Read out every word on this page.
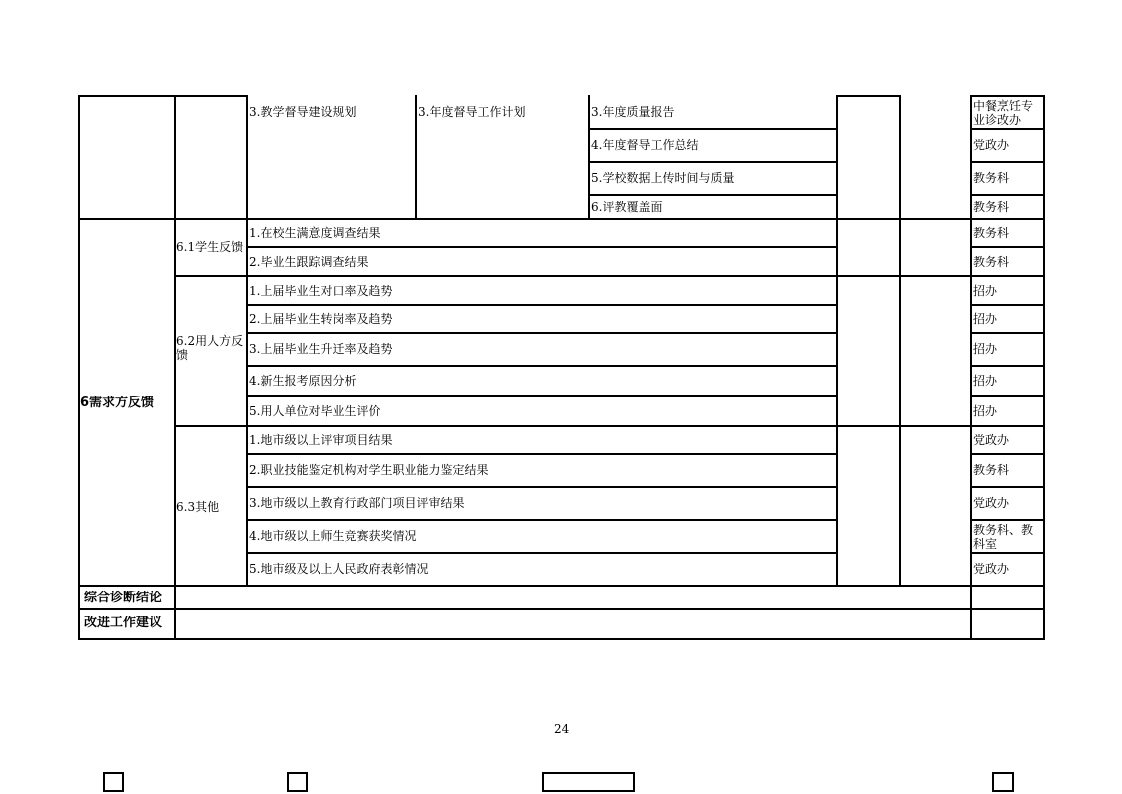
3.教学督导建设规划	3.年度督导工作计划	3.年度质量报告
4.年度督导工作总结
5.学校数据上传时间与质量
6.评教覆盖面
中餐烹饪专业诊改办
党政办
教务科
教务科
6需求方反馈
6.1学生反馈
1.在校生满意度调查结果
2.毕业生跟踪调查结果
教务科
教务科
6.2用人方反馈
1.上届毕业生对口率及趋势
2.上届毕业生转岗率及趋势
3.上届毕业生升迁率及趋势
4.新生报考原因分析
5.用人单位对毕业生评价
招办
招办
招办
招办
招办
6.3其他
1.地市级以上评审项目结果
2.职业技能鉴定机构对学生职业能力鉴定结果
3.地市级以上教育行政部门项目评审结果
4.地市级以上师生竞赛获奖情况
5.地市级及以上人民政府表彰情况
党政办
教务科
党政办
教务科、教科室
党政办
综合诊断结论
改进工作建议
24
